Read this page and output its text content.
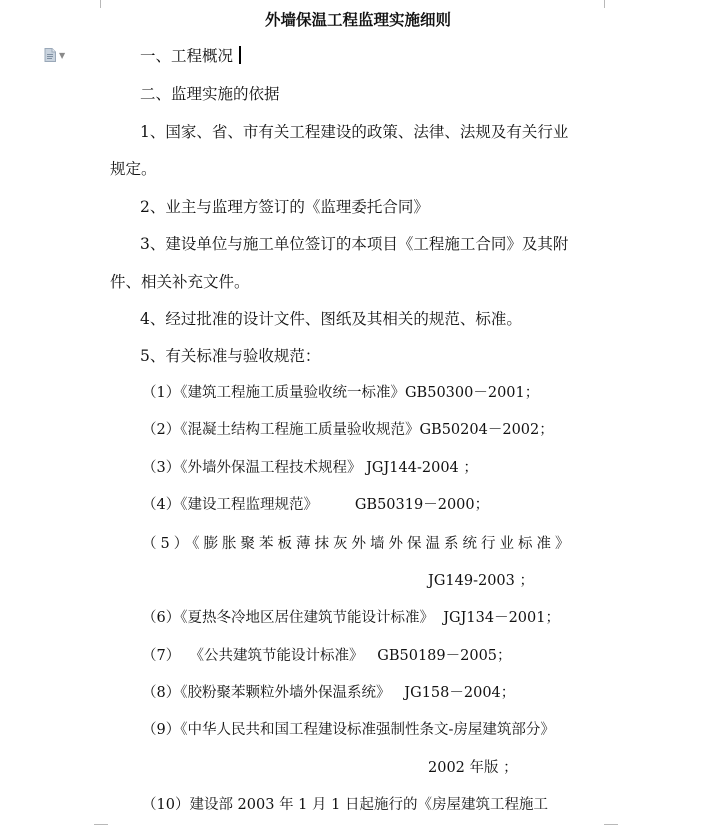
▼
外墙保温工程监理实施细则
一、工程概况
二、监理实施的依据
1、国家、省、市有关工程建设的政策、法律、法规及有关行业
规定。
2、业主与监理方签订的《监理委托合同》
3、建设单位与施工单位签订的本项目《工程施工合同》及其附
件、相关补充文件。
4、经过批准的设计文件、图纸及其相关的规范、标准。
5、有关标准与验收规范：
（1）《建筑工程施工质量验收统一标准》GB50300－2001；
（2）《混凝土结构工程施工质量验收规范》GB50204－2002；
（3）《外墙外保温工程技术规程》 JGJ144-2004 ；
（4）《建设工程监理规范》        GB50319－2000；
（5）《膨胀聚苯板薄抹灰外墙外保温系统行业标准》
JG149-2003 ；
（6）《夏热冬冷地区居住建筑节能设计标准》  JGJ134－2001；
（7）  《公共建筑节能设计标准》   GB50189－2005；
（8）《胶粉聚苯颗粒外墙外保温系统》   JG158－2004；
（9）《中华人民共和国工程建设标准强制性条文-房屋建筑部分》
2002 年版 ；
（10）建设部 2003 年 1 月 1 日起施行的《房屋建筑工程施工
